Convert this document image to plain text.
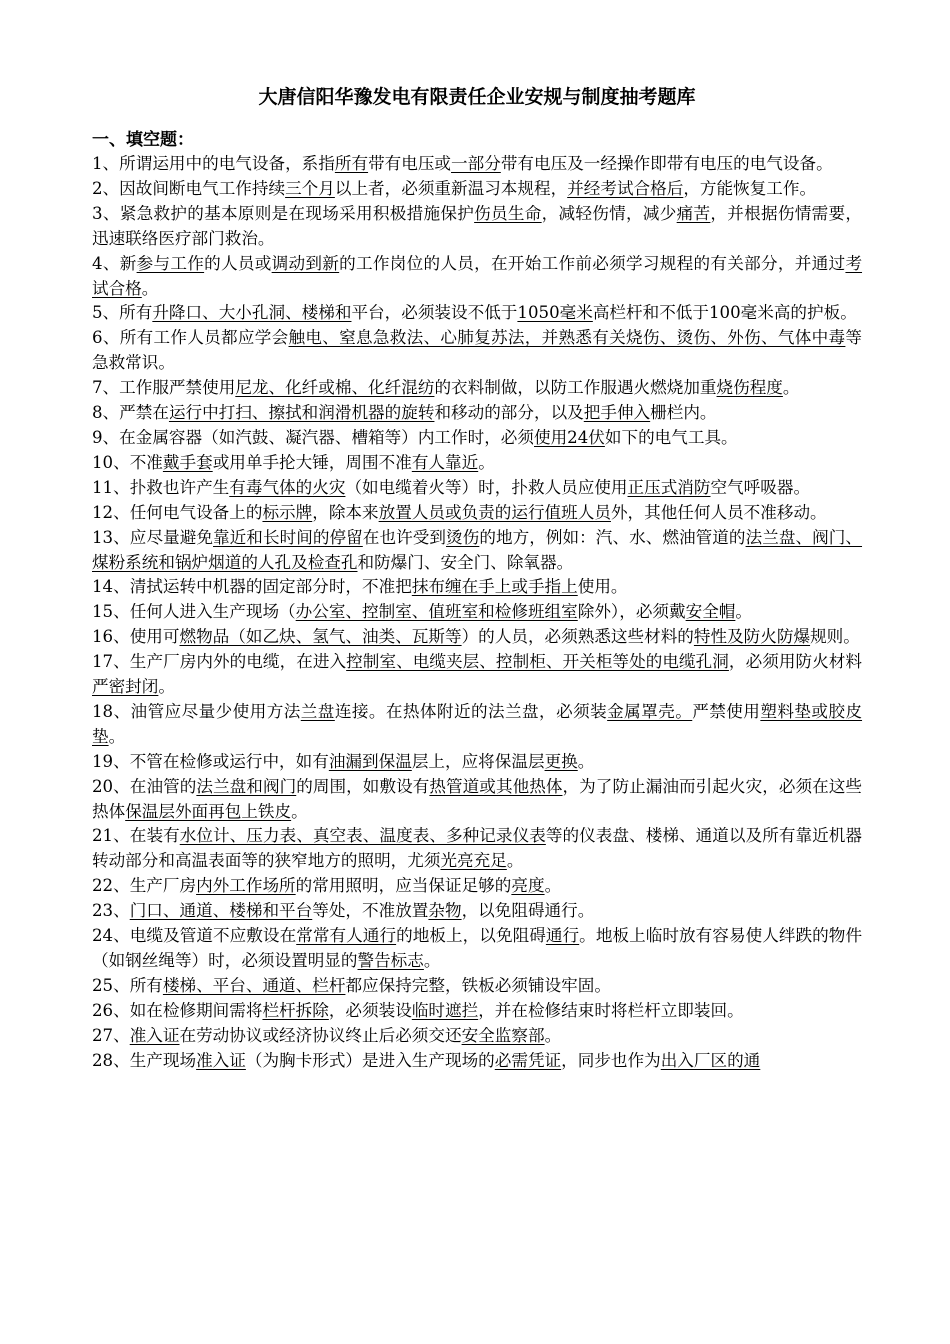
大唐信阳华豫发电有限责任企业安规与制度抽考题库
一、填空题：

1、所谓运用中的电气设备，系指所有带有电压或一部分带有电压及一经操作即带有电压的电气设备。

2、因故间断电气工作持续三个月以上者，必须重新温习本规程，并经考试合格后，方能恢复工作。

3、紧急救护的基本原则是在现场采用积极措施保护伤员生命，减轻伤情，减少痛苦，并根据伤情需要，迅速联络医疗部门救治。

4、新参与工作的人员或调动到新的工作岗位的人员，在开始工作前必须学习规程的有关部分，并通过考试合格。

5、所有升降口、大小孔洞、楼梯和平台，必须装设不低于1050毫米高栏杆和不低于100毫米高的护板。

6、所有工作人员都应学会触电、窒息急救法、心肺复苏法，并熟悉有关烧伤、烫伤、外伤、气体中毒等急救常识。

7、工作服严禁使用尼龙、化纤或棉、化纤混纺的衣料制做，以防工作服遇火燃烧加重烧伤程度。

8、严禁在运行中打扫、擦拭和润滑机器的旋转和移动的部分，以及把手伸入栅栏内。

9、在金属容器（如汽鼓、凝汽器、槽箱等）内工作时，必须使用24伏如下的电气工具。

10、不准戴手套或用单手抡大锤，周围不准有人靠近。

11、扑救也许产生有毒气体的火灾（如电缆着火等）时，扑救人员应使用正压式消防空气呼吸器。

12、任何电气设备上的标示牌，除本来放置人员或负责的运行值班人员外，其他任何人员不准移动。

13、应尽量避免靠近和长时间的停留在也许受到烫伤的地方，例如：汽、水、燃油管道的法兰盘、阀门、煤粉系统和锅炉烟道的人孔及检查孔和防爆门、安全门、除氧器。

14、清拭运转中机器的固定部分时，不准把抹布缠在手上或手指上使用。

15、任何人进入生产现场（办公室、控制室、值班室和检修班组室除外），必须戴安全帽。

16、使用可燃物品（如乙炔、氢气、油类、瓦斯等）的人员，必须熟悉这些材料的特性及防火防爆规则。

17、生产厂房内外的电缆，在进入控制室、电缆夹层、控制柜、开关柜等处的电缆孔洞，必须用防火材料严密封闭。

18、油管应尽量少使用方法兰盘连接。在热体附近的法兰盘，必须装金属罩壳。严禁使用塑料垫或胶皮垫。

19、不管在检修或运行中，如有油漏到保温层上，应将保温层更换。

20、在油管的法兰盘和阀门的周围，如敷设有热管道或其他热体，为了防止漏油而引起火灾，必须在这些热体保温层外面再包上铁皮。

21、在装有水位计、压力表、真空表、温度表、多种记录仪表等的仪表盘、楼梯、通道以及所有靠近机器转动部分和高温表面等的狭窄地方的照明，尤须光亮充足。

22、生产厂房内外工作场所的常用照明，应当保证足够的亮度。

23、门口、通道、楼梯和平台等处，不准放置杂物，以免阻碍通行。

24、电缆及管道不应敷设在常常有人通行的地板上，以免阻碍通行。地板上临时放有容易使人绊跌的物件（如钢丝绳等）时，必须设置明显的警告标志。

25、所有楼梯、平台、通道、栏杆都应保持完整，铁板必须铺设牢固。

26、如在检修期间需将栏杆拆除，必须装设临时遮拦，并在检修结束时将栏杆立即装回。

27、准入证在劳动协议或经济协议终止后必须交还安全监察部。

28、生产现场准入证（为胸卡形式）是进入生产现场的必需凭证，同步也作为出入厂区的通
